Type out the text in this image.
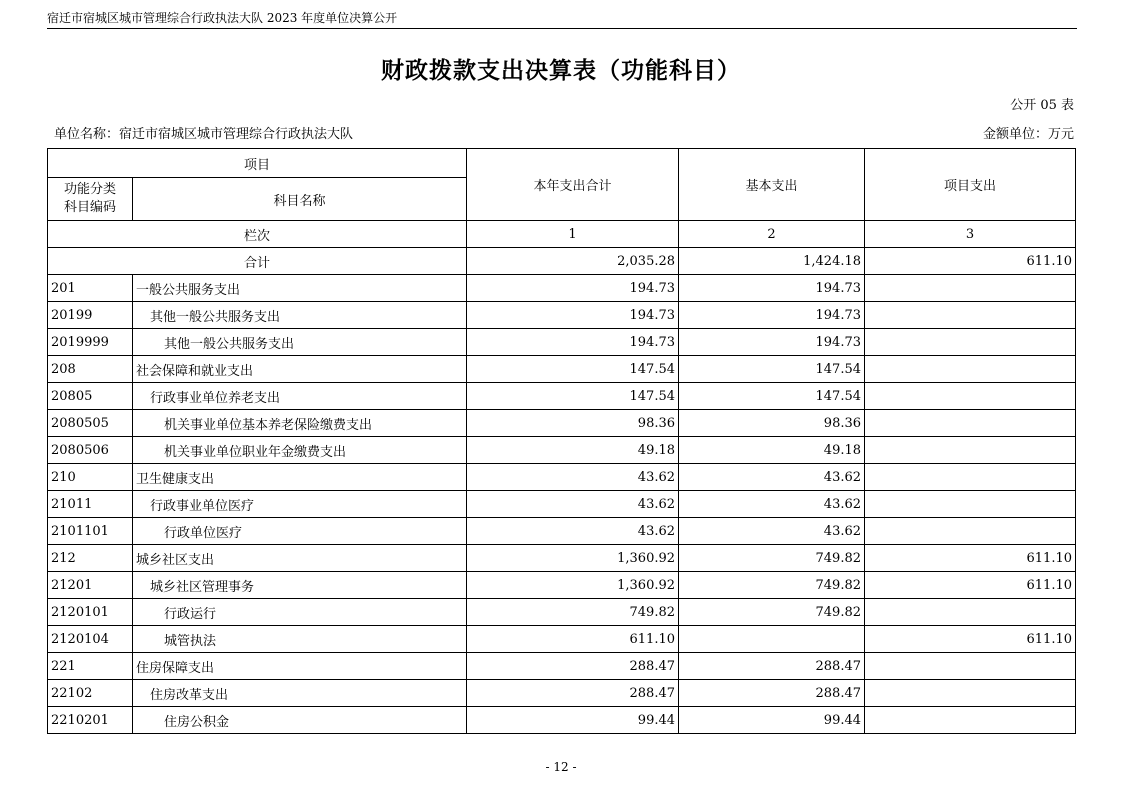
宿迁市宿城区城市管理综合行政执法大队 2023 年度单位决算公开
财政拨款支出决算表（功能科目）
公开 05 表
单位名称：宿迁市宿城区城市管理综合行政执法大队	金额单位：万元
项目		本年支出合计	基本支出	项目支出
功能分类
科目编码	科目名称			
栏次		1	2	3
合计		2,035.28	1,424.18	611.10
201	一般公共服务支出	194.73	194.73	
20199	其他一般公共服务支出	194.73	194.73	
2019999	其他一般公共服务支出	194.73	194.73	
208	社会保障和就业支出	147.54	147.54	
20805	行政事业单位养老支出	147.54	147.54	
2080505	机关事业单位基本养老保险缴费支出	98.36	98.36	
2080506	机关事业单位职业年金缴费支出	49.18	49.18	
210	卫生健康支出	43.62	43.62	
21011	行政事业单位医疗	43.62	43.62	
2101101	行政单位医疗	43.62	43.62	
212	城乡社区支出	1,360.92	749.82	611.10
21201	城乡社区管理事务	1,360.92	749.82	611.10
2120101	行政运行	749.82	749.82	
2120104	城管执法	611.10		611.10
221	住房保障支出	288.47	288.47	
22102	住房改革支出	288.47	288.47	
2210201	住房公积金	99.44	99.44	
- 12 -
